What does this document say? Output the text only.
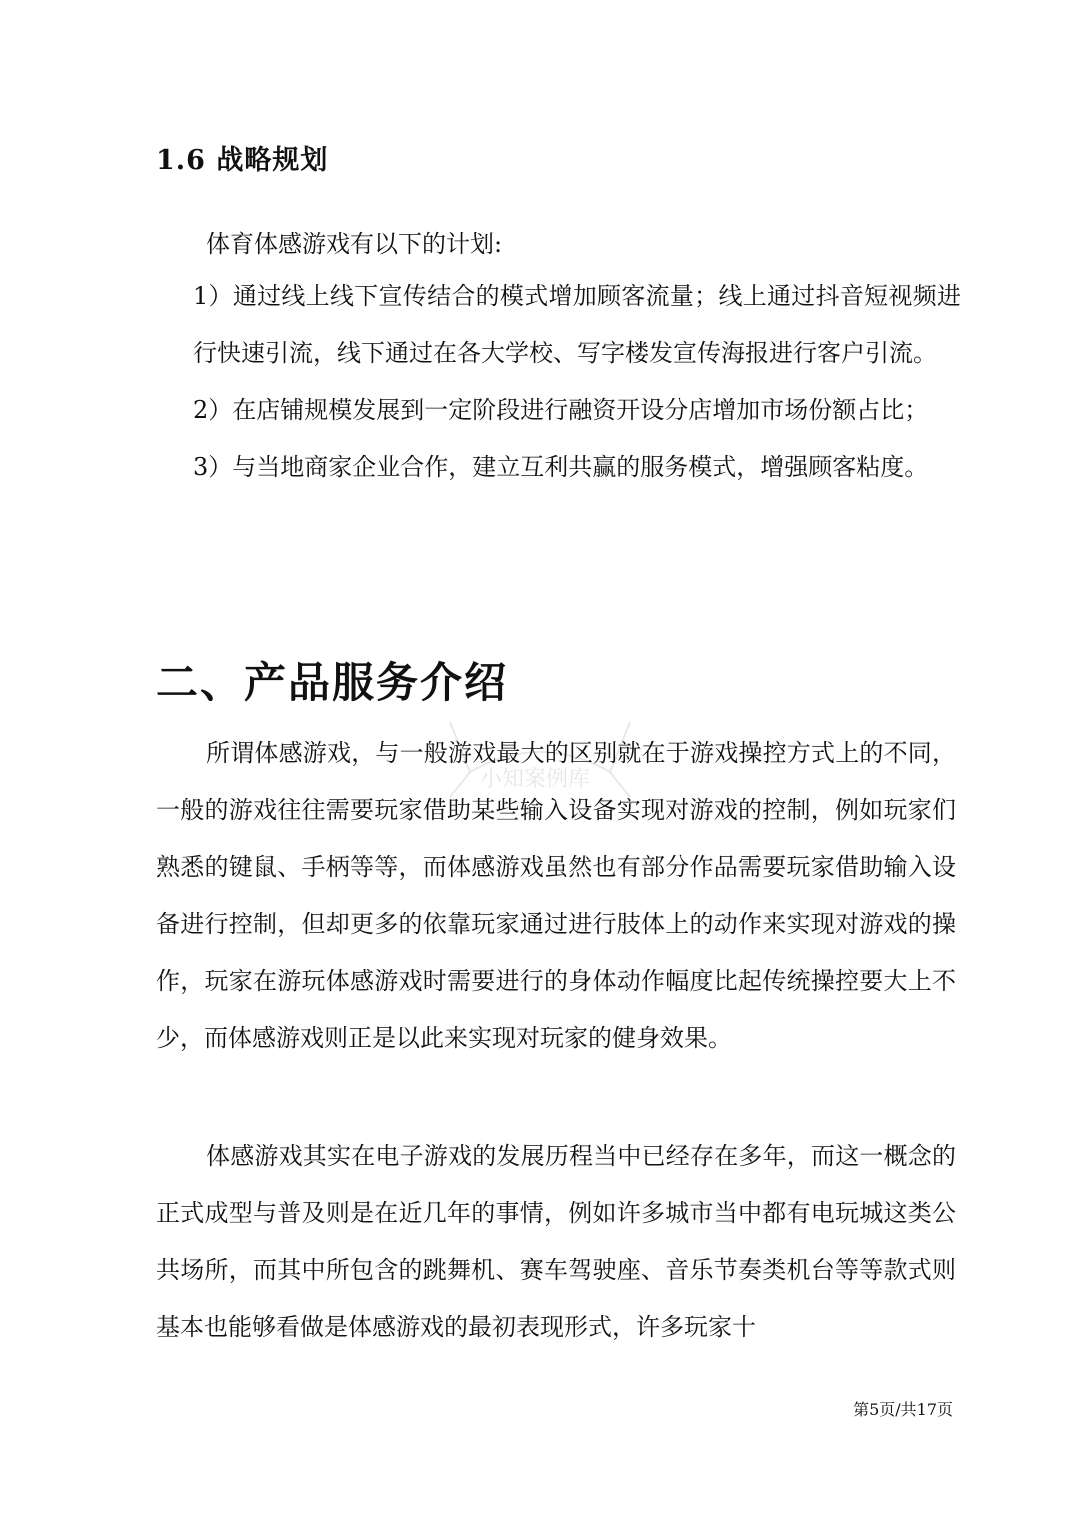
1.6 战略规划
体育体感游戏有以下的计划:
1）通过线上线下宣传结合的模式增加顾客流量；线上通过抖音短视频进行快速引流，线下通过在各大学校、写字楼发宣传海报进行客户引流。
2）在店铺规模发展到一定阶段进行融资开设分店增加市场份额占比；
3）与当地商家企业合作，建立互利共赢的服务模式，增强顾客粘度。
二、产品服务介绍
小知案例库

所谓体感游戏，与一般游戏最大的区别就在于游戏操控方式上的不同，一般的游戏往往需要玩家借助某些输入设备实现对游戏的控制，例如玩家们熟悉的键鼠、手柄等等，而体感游戏虽然也有部分作品需要玩家借助输入设备进行控制，但却更多的依靠玩家通过进行肢体上的动作来实现对游戏的操作，玩家在游玩体感游戏时需要进行的身体动作幅度比起传统操控要大上不少，而体感游戏则正是以此来实现对玩家的健身效果。

体感游戏其实在电子游戏的发展历程当中已经存在多年，而这一概念的正式成型与普及则是在近几年的事情，例如许多城市当中都有电玩城这类公共场所，而其中所包含的跳舞机、赛车驾驶座、音乐节奏类机台等等款式则基本也能够看做是体感游戏的最初表现形式，许多玩家十

第5页/共17页
